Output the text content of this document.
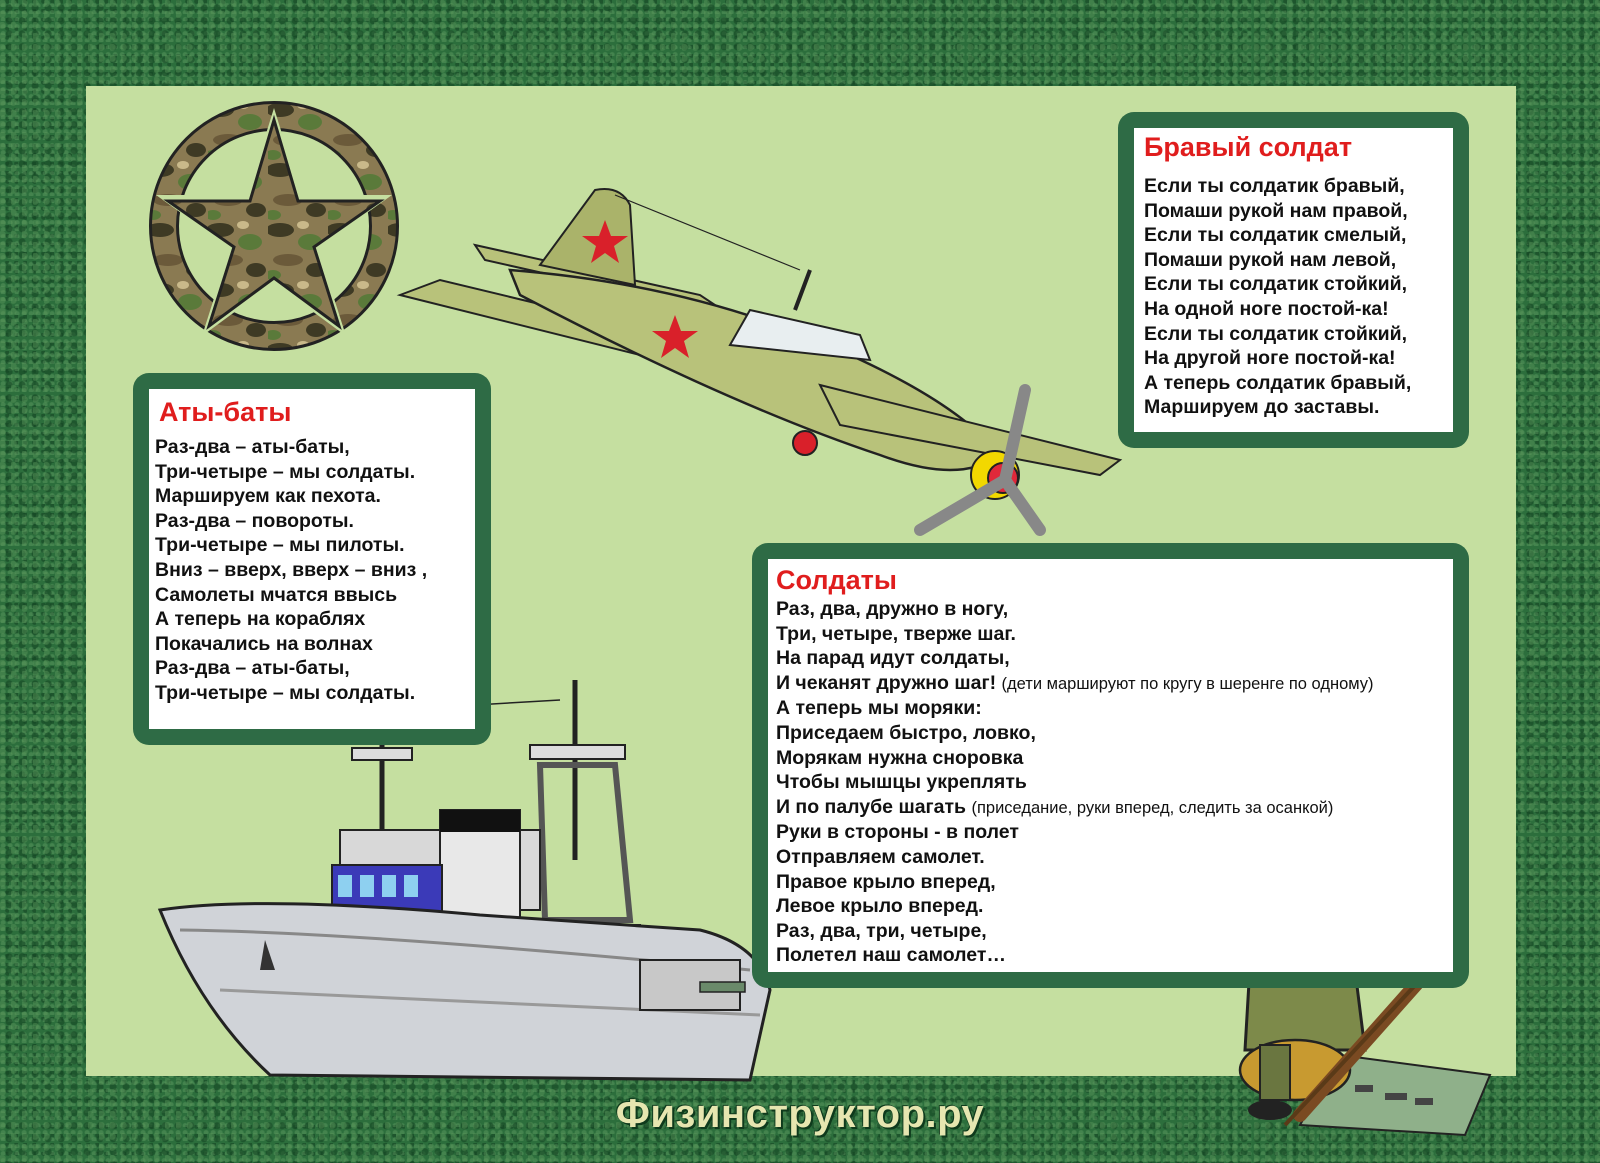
Бравый солдат
Если ты солдатик бравый,
Помаши рукой нам правой,
Если ты солдатик смелый,
Помаши рукой нам левой,
Если ты солдатик стойкий,
На одной ноге постой-ка!
Если ты солдатик стойкий,
На другой ноге постой-ка!
А теперь солдатик бравый,
Маршируем до заставы.
Аты-баты
Раз-два – аты-баты,
Три-четыре – мы солдаты.
Маршируем как пехота.
Раз-два – повороты.
Три-четыре – мы пилоты.
Вниз – вверх, вверх – вниз ,
Самолеты мчатся ввысь
А теперь на кораблях
Покачались на волнах
Раз-два – аты-баты,
Три-четыре – мы солдаты.
Солдаты
Раз, два, дружно в ногу,
Три, четыре, тверже шаг.
На парад идут солдаты,
И чеканят дружно шаг! (дети маршируют по кругу в шеренге по одному)
А теперь мы моряки:
Приседаем быстро, ловко,
Морякам нужна сноровка
Чтобы мышцы укреплять
И по палубе шагать (приседание, руки вперед, следить за осанкой)
Руки в стороны - в полет
Отправляем самолет.
Правое крыло вперед,
Левое крыло вперед.
Раз, два, три, четыре,
Полетел наш самолет…
Физинструктор.ру
